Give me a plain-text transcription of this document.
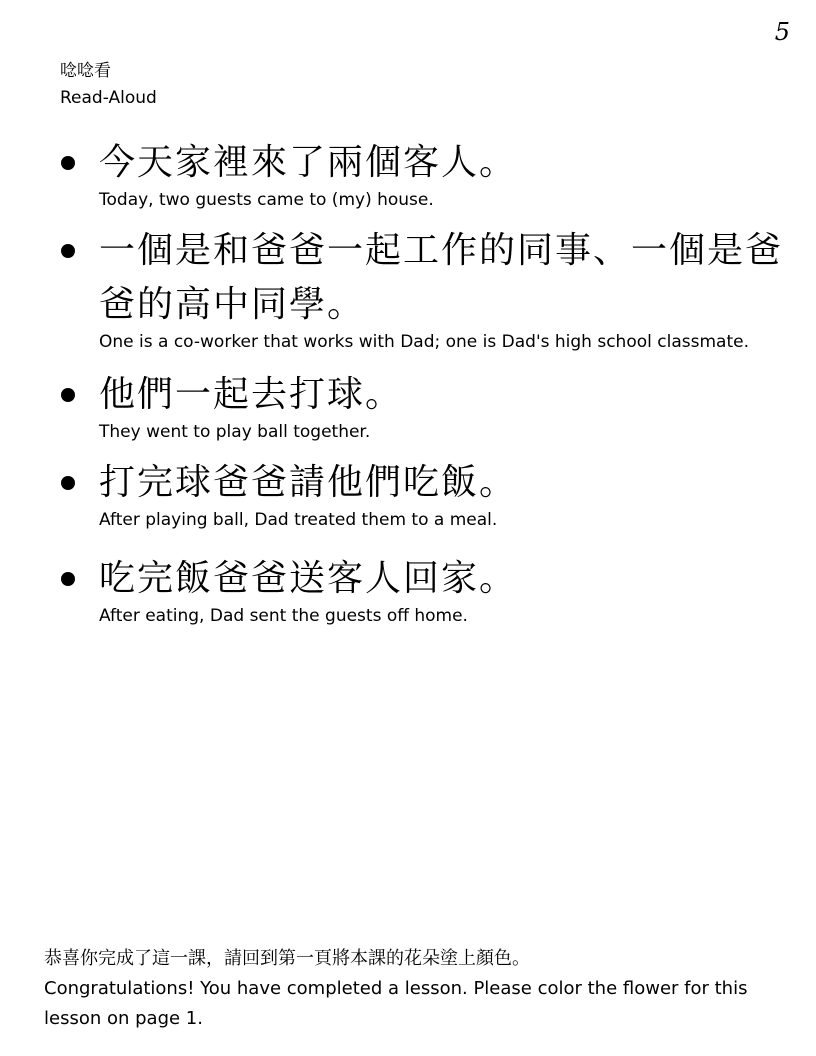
5
唸唸看
Read-Aloud
今天家裡來了兩個客人。
Today, two guests came to (my) house.
一個是和爸爸一起工作的同事、一個是爸爸的高中同學。
One is a co-worker that works with Dad; one is Dad's high school classmate.
他們一起去打球。
They went to play ball together.
打完球爸爸請他們吃飯。
After playing ball, Dad treated them to a meal.
吃完飯爸爸送客人回家。
After eating, Dad sent the guests off home.
恭喜你完成了這一課，請回到第一頁將本課的花朵塗上顏色。
Congratulations! You have completed a lesson. Please color the flower for this lesson on page 1.
